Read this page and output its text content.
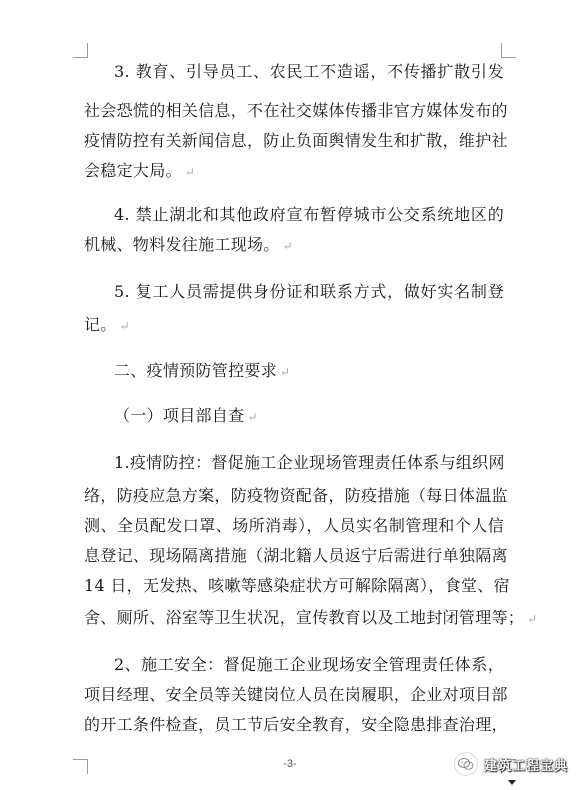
3. 教育、引导员工、农民工不造谣，不传播扩散引发
社会恐慌的相关信息，不在社交媒体传播非官方媒体发布的
疫情防控有关新闻信息，防止负面舆情发生和扩散，维护社
会稳定大局。 ↵
4. 禁止湖北和其他政府宣布暂停城市公交系统地区的
机械、物料发往施工现场。 ↵
5. 复工人员需提供身份证和联系方式，做好实名制登
记。 ↵
二、疫情预防管控要求 ↵
（一）项目部自查 ↵
1.疫情防控：督促施工企业现场管理责任体系与组织网
络，防疫应急方案，防疫物资配备，防疫措施（每日体温监
测、全员配发口罩、场所消毒），人员实名制管理和个人信
息登记、现场隔离措施（湖北籍人员返宁后需进行单独隔离
14 日，无发热、咳嗽等感染症状方可解除隔离），食堂、宿
舍、厕所、浴室等卫生状况，宣传教育以及工地封闭管理等； ↵
2、施工安全：督促施工企业现场安全管理责任体系，
项目经理、安全员等关键岗位人员在岗履职，企业对项目部
的开工条件检查，员工节后安全教育，安全隐患排查治理，
-3-	建筑工程宝典
